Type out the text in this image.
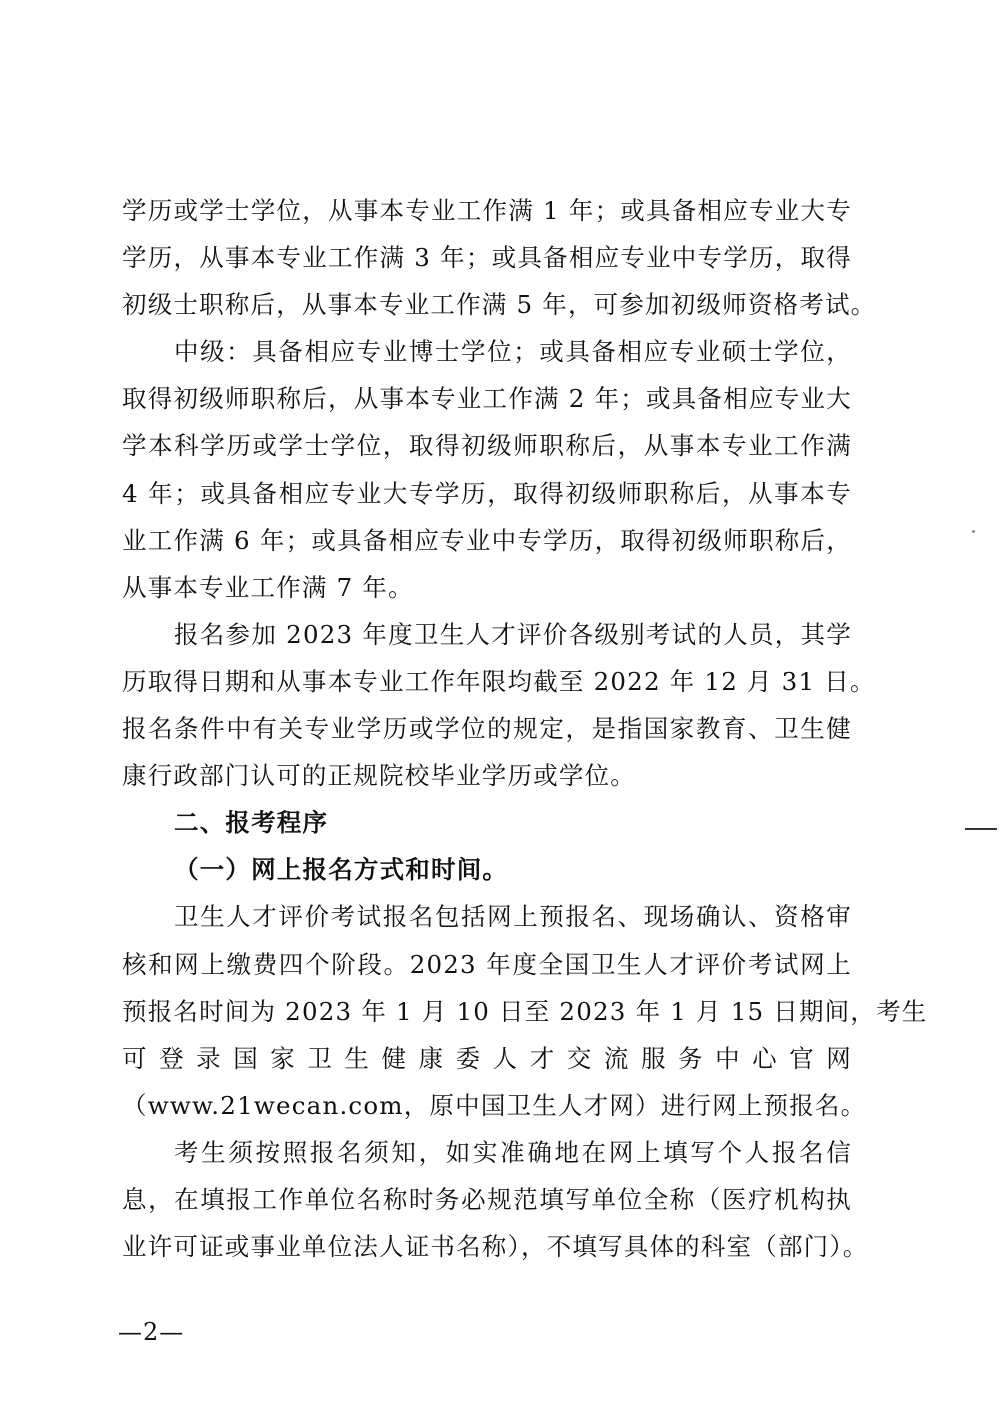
学历或学士学位，从事本专业工作满 1 年；或具备相应专业大专
学历，从事本专业工作满 3 年；或具备相应专业中专学历，取得
初级士职称后，从事本专业工作满 5 年，可参加初级师资格考试。

中级：具备相应专业博士学位；或具备相应专业硕士学位，
取得初级师职称后，从事本专业工作满 2 年；或具备相应专业大
学本科学历或学士学位，取得初级师职称后，从事本专业工作满
4 年；或具备相应专业大专学历，取得初级师职称后，从事本专
业工作满 6 年；或具备相应专业中专学历，取得初级师职称后，
从事本专业工作满 7 年。

报名参加 2023 年度卫生人才评价各级别考试的人员，其学
历取得日期和从事本专业工作年限均截至 2022 年 12 月 31 日。
报名条件中有关专业学历或学位的规定，是指国家教育、卫生健
康行政部门认可的正规院校毕业学历或学位。

二、报考程序

（一）网上报名方式和时间。

卫生人才评价考试报名包括网上预报名、现场确认、资格审
核和网上缴费四个阶段。2023 年度全国卫生人才评价考试网上
预报名时间为 2023 年 1 月 10 日至 2023 年 1 月 15 日期间，考生
可登录国家卫生健康委人才交流服务中心官网
（www.21wecan.com，原中国卫生人才网）进行网上预报名。

考生须按照报名须知，如实准确地在网上填写个人报名信
息，在填报工作单位名称时务必规范填写单位全称（医疗机构执
业许可证或事业单位法人证书名称），不填写具体的科室（部门）。

—2—
